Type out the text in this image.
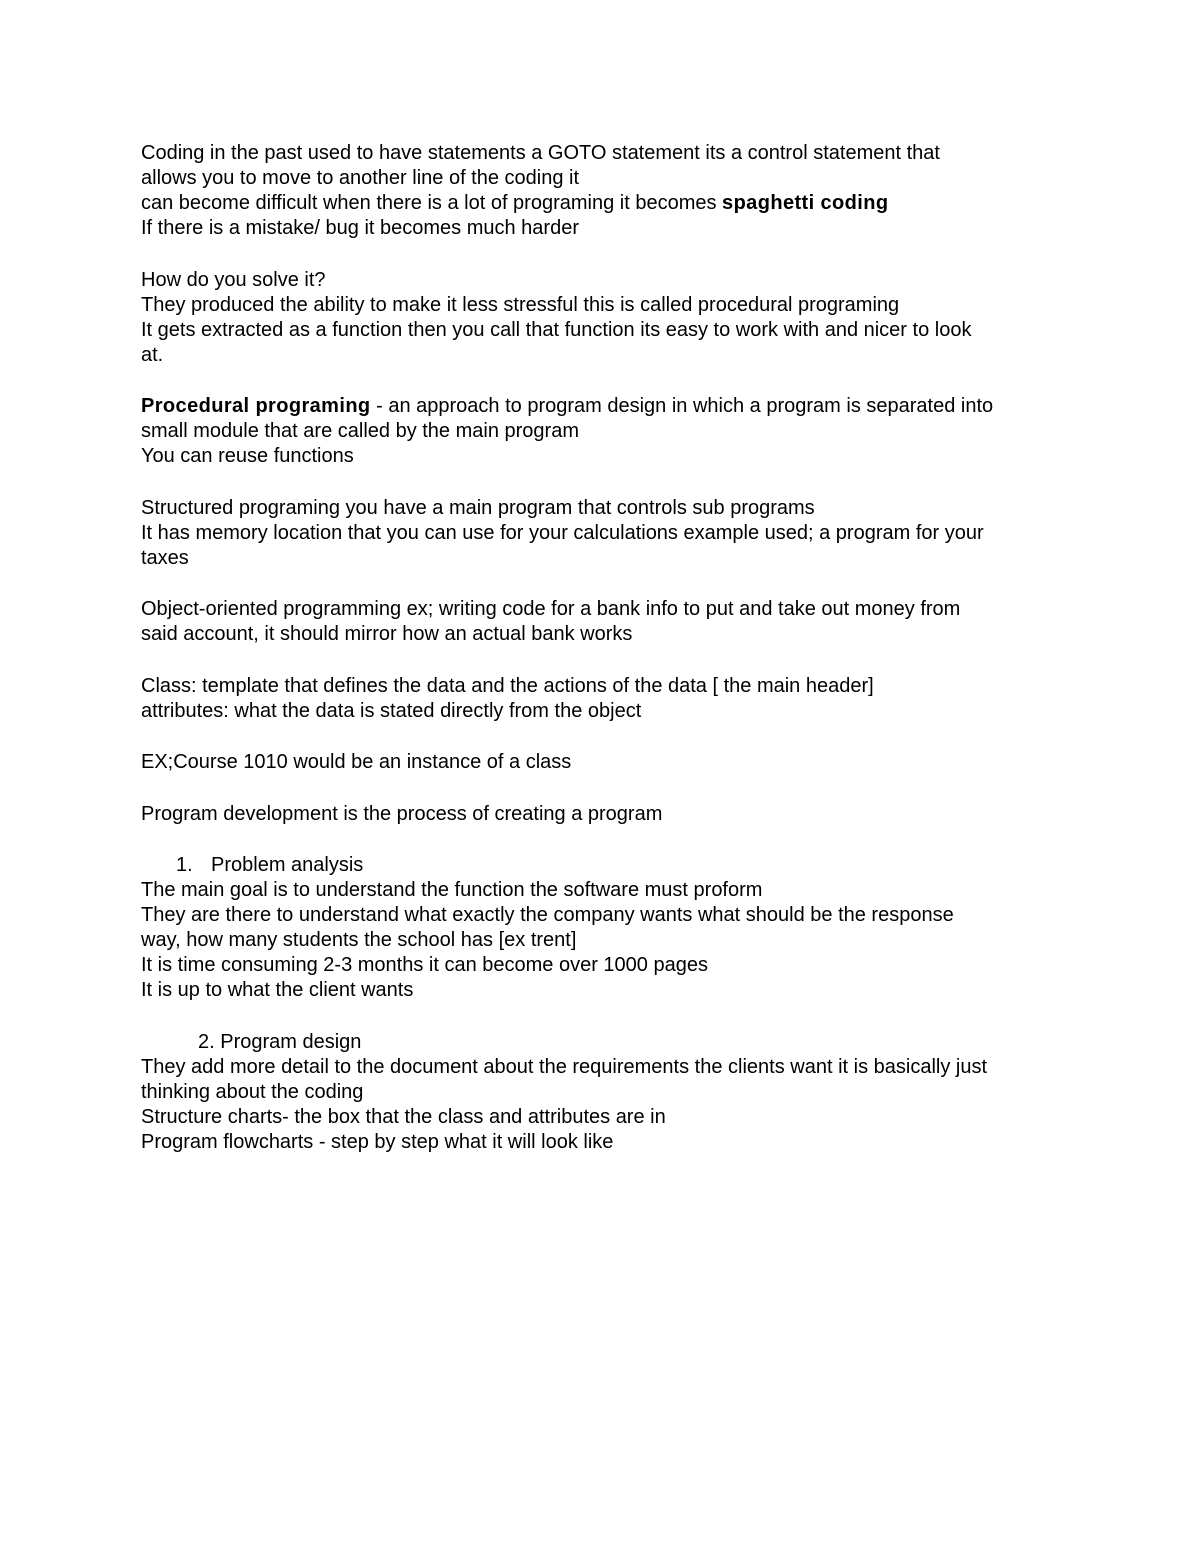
Coding in the past used to have statements a GOTO statement its a control statement that
allows you to move to another line of the coding it
can become difficult when there is a lot of programing it becomes spaghetti coding
If there is a mistake/ bug it becomes much harder
How do you solve it?
They produced the ability to make it less stressful this is called procedural programing
It gets extracted as a function then you call that function its easy to work with and nicer to look
at.
Procedural programing - an approach to program design in which a program is separated into
small module that are called by the main program
You can reuse functions
Structured programing you have a main program that controls sub programs
It has memory location that you can use for your calculations example used; a program for your
taxes
Object-oriented programming ex; writing code for a bank info to put and take out money from
said account, it should mirror how an actual bank works
Class: template that defines the data and the actions of the data [ the main header]
attributes: what the data is stated directly from the object
EX;Course 1010 would be an instance of a class
Program development is the process of creating a program
1. Problem analysis
The main goal is to understand the function the software must proform
They are there to understand what exactly the company wants what should be the response
way, how many students the school has [ex trent]
It is time consuming 2-3 months it can become over 1000 pages
It is up to what the client wants
2. Program design
They add more detail to the document about the requirements the clients want it is basically just
thinking about the coding
Structure charts- the box that the class and attributes are in
Program flowcharts - step by step what it will look like
